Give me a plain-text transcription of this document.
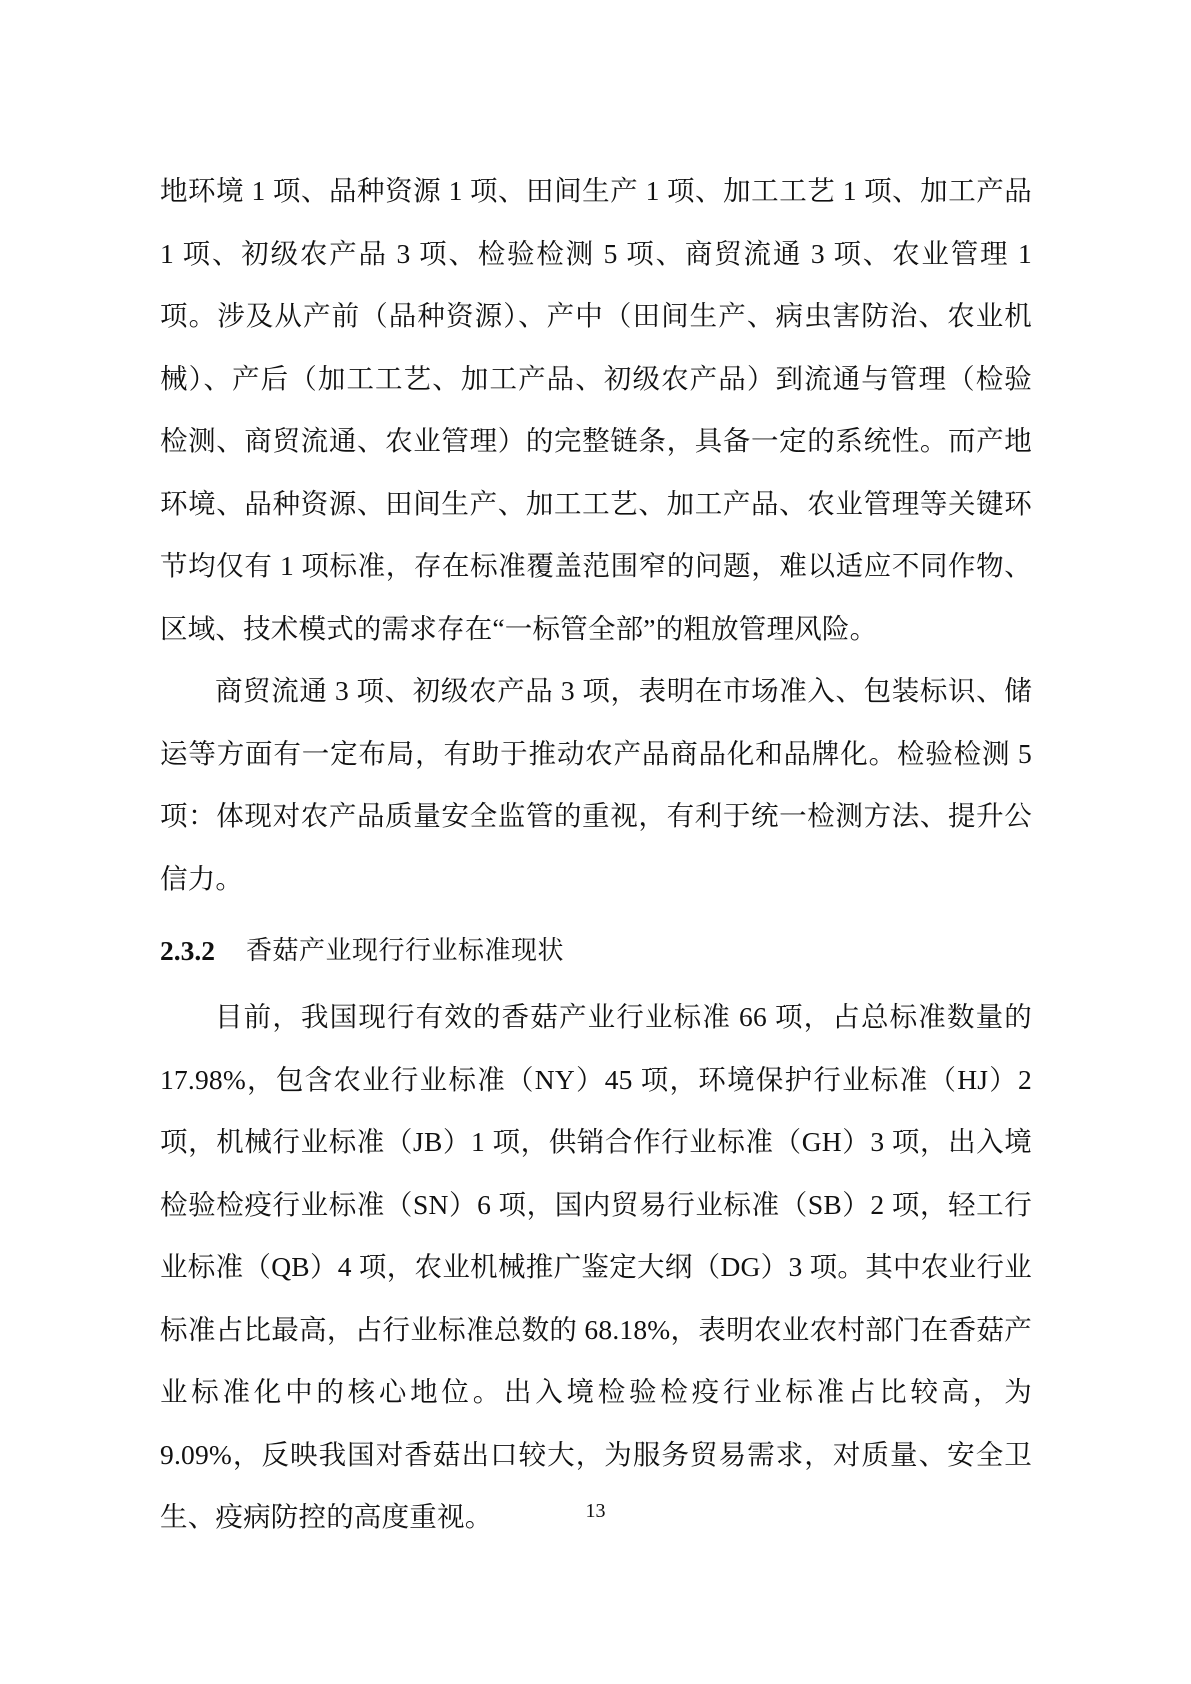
地环境 1 项、品种资源 1 项、田间生产 1 项、加工工艺 1 项、加工产品 1 项、初级农产品 3 项、检验检测 5 项、商贸流通 3 项、农业管理 1 项。涉及从产前（品种资源）、产中（田间生产、病虫害防治、农业机械）、产后（加工工艺、加工产品、初级农产品）到流通与管理（检验检测、商贸流通、农业管理）的完整链条，具备一定的系统性。而产地环境、品种资源、田间生产、加工工艺、加工产品、农业管理等关键环节均仅有 1 项标准，存在标准覆盖范围窄的问题，难以适应不同作物、区域、技术模式的需求存在“一标管全部”的粗放管理风险。

商贸流通 3 项、初级农产品 3 项，表明在市场准入、包装标识、储运等方面有一定布局，有助于推动农产品商品化和品牌化。检验检测 5 项：体现对农产品质量安全监管的重视，有利于统一检测方法、提升公信力。

2.3.2	香菇产业现行行业标准现状

目前，我国现行有效的香菇产业行业标准 66 项，占总标准数量的 17.98%，包含农业行业标准（NY）45 项，环境保护行业标准（HJ）2 项，机械行业标准（JB）1 项，供销合作行业标准（GH）3 项，出入境检验检疫行业标准（SN）6 项，国内贸易行业标准（SB）2 项，轻工行业标准（QB）4 项，农业机械推广鉴定大纲（DG）3 项。其中农业行业标准占比最高，占行业标准总数的 68.18%，表明农业农村部门在香菇产业标准化中的核心地位。出入境检验检疫行业标准占比较高，为 9.09%，反映我国对香菇出口较大，为服务贸易需求，对质量、安全卫生、疫病防控的高度重视。	13
